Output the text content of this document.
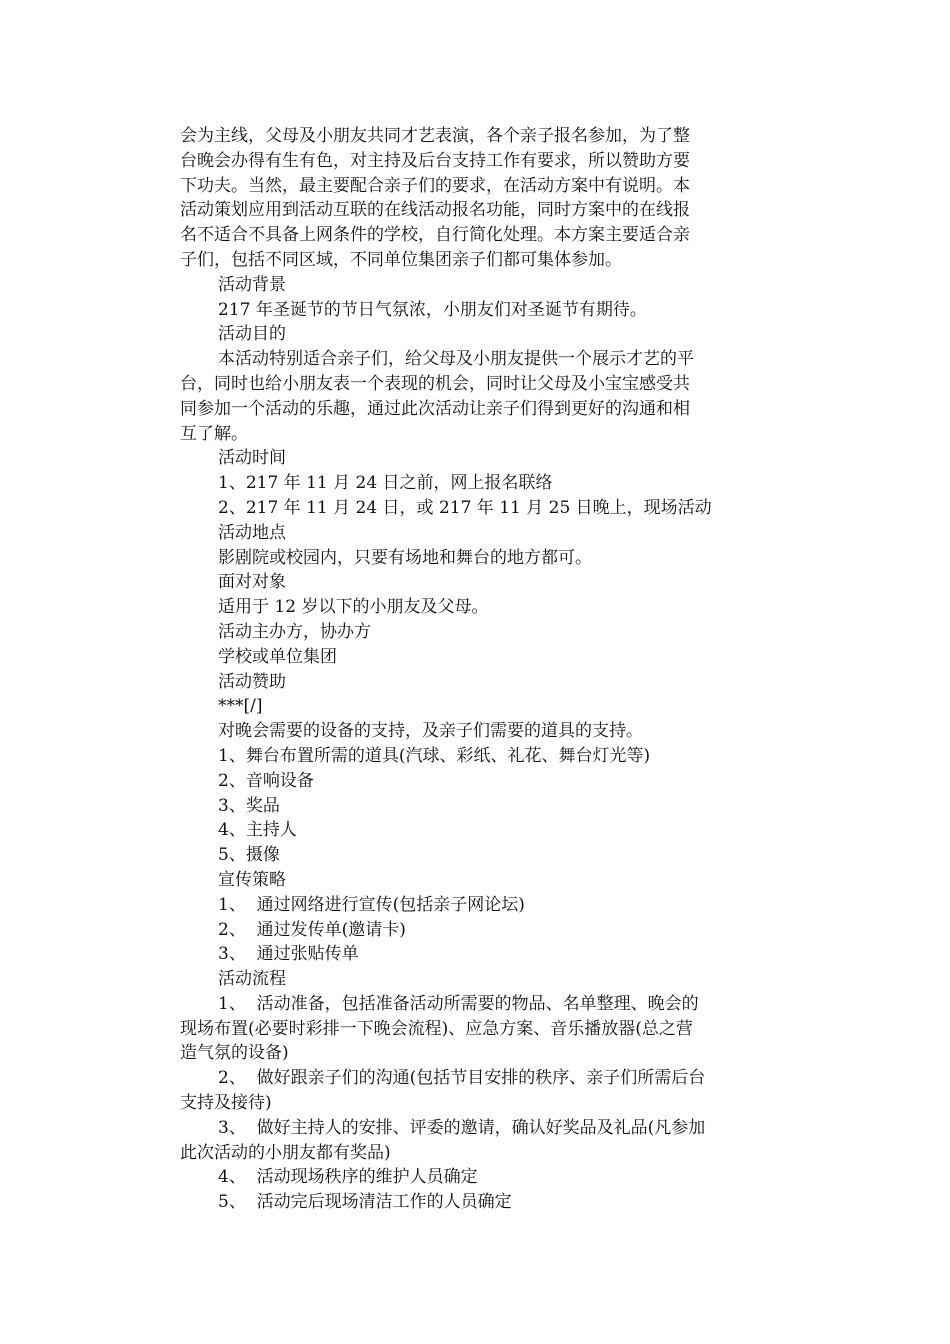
会为主线，父母及小朋友共同才艺表演，各个亲子报名参加，为了整
台晚会办得有生有色，对主持及后台支持工作有要求，所以赞助方要
下功夫。当然，最主要配合亲子们的要求，在活动方案中有说明。本
活动策划应用到活动互联的在线活动报名功能，同时方案中的在线报
名不适合不具备上网条件的学校，自行简化处理。本方案主要适合亲
子们，包括不同区域，不同单位集团亲子们都可集体参加。
活动背景
217 年圣诞节的节日气氛浓，小朋友们对圣诞节有期待。
活动目的
本活动特别适合亲子们，给父母及小朋友提供一个展示才艺的平
台，同时也给小朋友表一个表现的机会，同时让父母及小宝宝感受共
同参加一个活动的乐趣，通过此次活动让亲子们得到更好的沟通和相
互了解。
活动时间
1、217 年 11 月 24 日之前，网上报名联络
2、217 年 11 月 24 日，或 217 年 11 月 25 日晚上，现场活动
活动地点
影剧院或校园内，只要有场地和舞台的地方都可。
面对对象
适用于 12 岁以下的小朋友及父母。
活动主办方，协办方
学校或单位集团
活动赞助
***[/]
对晚会需要的设备的支持，及亲子们需要的道具的支持。
1、舞台布置所需的道具(汽球、彩纸、礼花、舞台灯光等)
2、音响设备
3、奖品
4、主持人
5、摄像
宣传策略
1、  通过网络进行宣传(包括亲子网论坛)
2、  通过发传单(邀请卡)
3、  通过张贴传单
活动流程
1、  活动准备，包括准备活动所需要的物品、名单整理、晚会的
现场布置(必要时彩排一下晚会流程)、应急方案、音乐播放器(总之营
造气氛的设备)
2、  做好跟亲子们的沟通(包括节目安排的秩序、亲子们所需后台
支持及接待)
3、  做好主持人的安排、评委的邀请，确认好奖品及礼品(凡参加
此次活动的小朋友都有奖品)
4、  活动现场秩序的维护人员确定
5、  活动完后现场清洁工作的人员确定
